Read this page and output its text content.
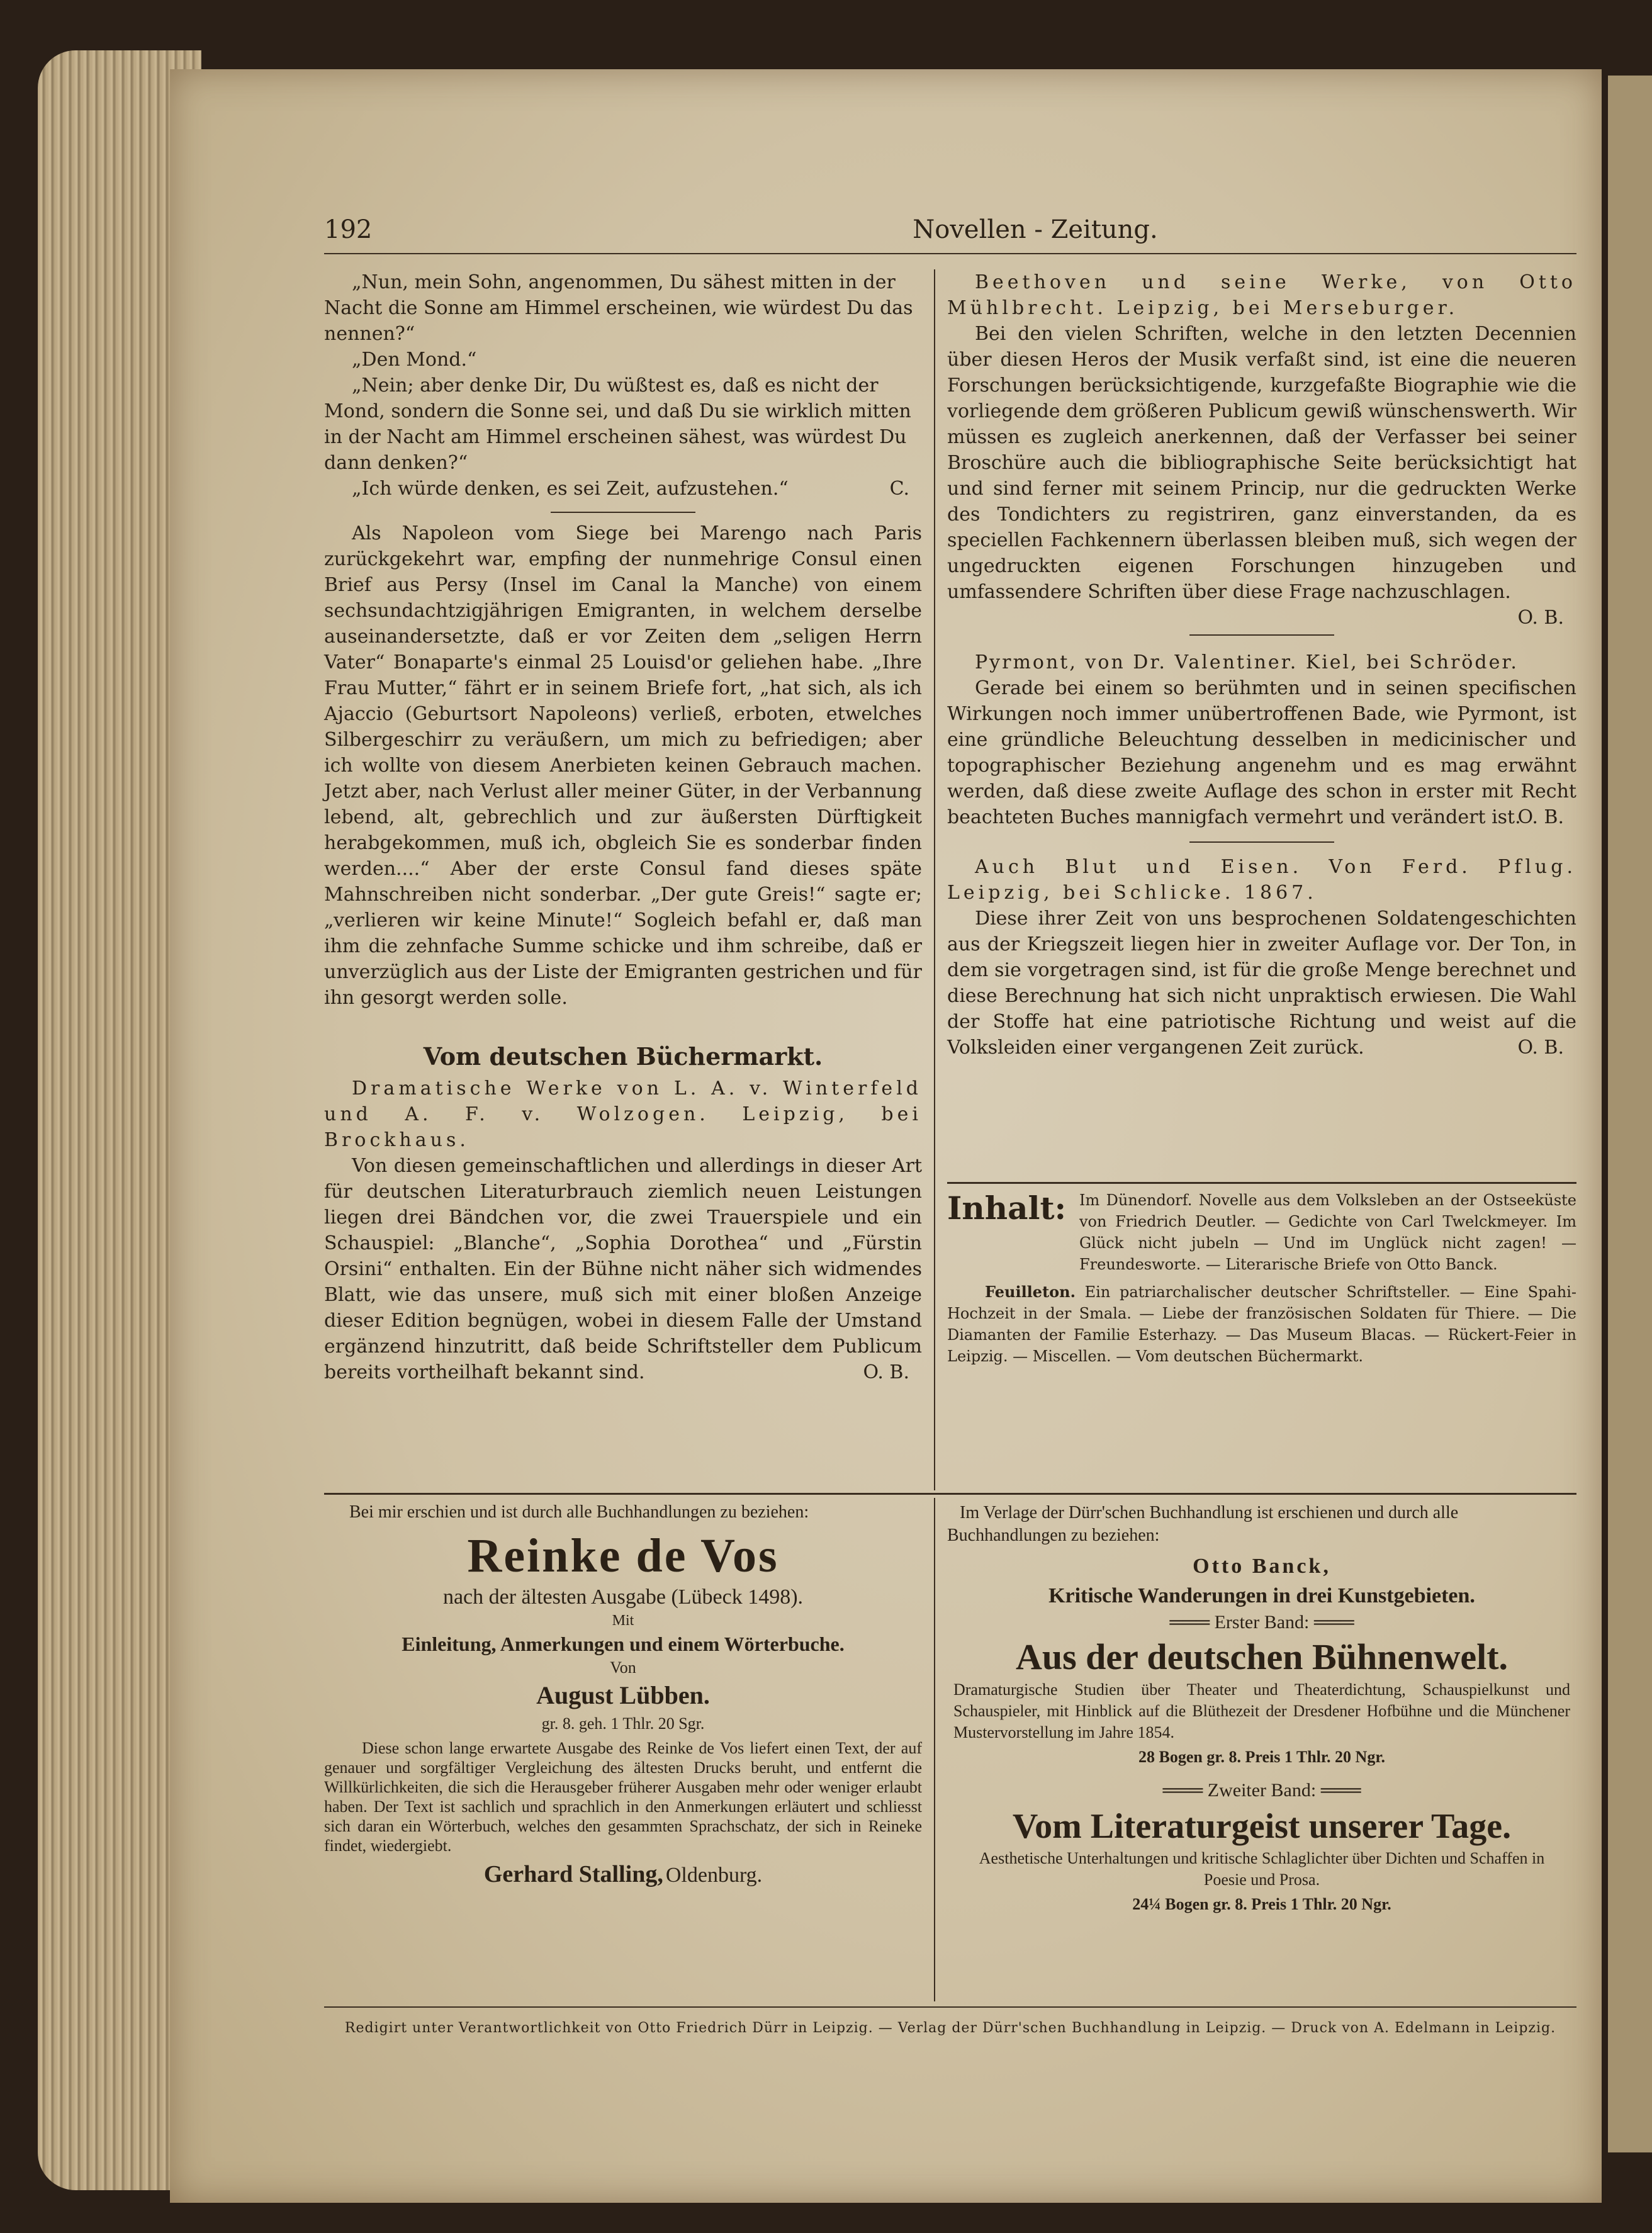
192	Novellen - Zeitung.

„Nun, mein Sohn, angenommen, Du sähest mitten in der Nacht die Sonne am Himmel erscheinen, wie würdest Du das nennen?“

„Den Mond.“

„Nein; aber denke Dir, Du wüßtest es, daß es nicht der Mond, sondern die Sonne sei, und daß Du sie wirklich mitten in der Nacht am Himmel erscheinen sähest, was würdest Du dann denken?“

„Ich würde denken, es sei Zeit, aufzustehen.“	C.

Als Napoleon vom Siege bei Marengo nach Paris zurückgekehrt war, empfing der nunmehrige Consul einen Brief aus Persy (Insel im Canal la Manche) von einem sechsundachtzigjährigen Emigranten, in welchem derselbe auseinandersetzte, daß er vor Zeiten dem „seligen Herrn Vater“ Bonaparte's einmal 25 Louisd'or geliehen habe. „Ihre Frau Mutter,“ fährt er in seinem Briefe fort, „hat sich, als ich Ajaccio (Geburtsort Napoleons) verließ, erboten, etwelches Silbergeschirr zu veräußern, um mich zu befriedigen; aber ich wollte von diesem Anerbieten keinen Gebrauch machen. Jetzt aber, nach Verlust aller meiner Güter, in der Verbannung lebend, alt, gebrechlich und zur äußersten Dürftigkeit herabgekommen, muß ich, obgleich Sie es sonderbar finden werden....“ Aber der erste Consul fand dieses späte Mahnschreiben nicht sonderbar. „Der gute Greis!“ sagte er; „verlieren wir keine Minute!“ Sogleich befahl er, daß man ihm die zehnfache Summe schicke und ihm schreibe, daß er unverzüglich aus der Liste der Emigranten gestrichen und für ihn gesorgt werden solle.

Vom deutschen Büchermarkt.

Dramatische Werke von L. A. v. Winterfeld und A. F. v. Wolzogen. Leipzig, bei Brockhaus.

Von diesen gemeinschaftlichen und allerdings in dieser Art für deutschen Literaturbrauch ziemlich neuen Leistungen liegen drei Bändchen vor, die zwei Trauerspiele und ein Schauspiel: „Blanche“, „Sophia Dorothea“ und „Fürstin Orsini“ enthalten. Ein der Bühne nicht näher sich widmendes Blatt, wie das unsere, muß sich mit einer bloßen Anzeige dieser Edition begnügen, wobei in diesem Falle der Umstand ergänzend hinzutritt, daß beide Schriftsteller dem Publicum bereits vortheilhaft bekannt sind.	O. B.

Beethoven und seine Werke, von Otto Mühlbrecht. Leipzig, bei Merseburger.

Bei den vielen Schriften, welche in den letzten Decennien über diesen Heros der Musik verfaßt sind, ist eine die neueren Forschungen berücksichtigende, kurzgefaßte Biographie wie die vorliegende dem größeren Publicum gewiß wünschenswerth. Wir müssen es zugleich anerkennen, daß der Verfasser bei seiner Broschüre auch die bibliographische Seite berücksichtigt hat und sind ferner mit seinem Princip, nur die gedruckten Werke des Tondichters zu registriren, ganz einverstanden, da es speciellen Fachkennern überlassen bleiben muß, sich wegen der ungedruckten eigenen Forschungen hinzugeben und umfassendere Schriften über diese Frage nachzuschlagen.

O. B.

Pyrmont, von Dr. Valentiner. Kiel, bei Schröder.

Gerade bei einem so berühmten und in seinen specifischen Wirkungen noch immer unübertroffenen Bade, wie Pyrmont, ist eine gründliche Beleuchtung desselben in medicinischer und topographischer Beziehung angenehm und es mag erwähnt werden, daß diese zweite Auflage des schon in erster mit Recht beachteten Buches mannigfach vermehrt und verändert ist.

O. B.

Auch Blut und Eisen. Von Ferd. Pflug. Leipzig, bei Schlicke. 1867.

Diese ihrer Zeit von uns besprochenen Soldatengeschichten aus der Kriegszeit liegen hier in zweiter Auflage vor. Der Ton, in dem sie vorgetragen sind, ist für die große Menge berechnet und diese Berechnung hat sich nicht unpraktisch erwiesen. Die Wahl der Stoffe hat eine patriotische Richtung und weist auf die Volksleiden einer vergangenen Zeit zurück.	O. B.

Inhalt: Im Dünendorf. Novelle aus dem Volksleben an der Ostseeküste von Friedrich Deutler. — Gedichte von Carl Twelckmeyer. Im Glück nicht jubeln — Und im Unglück nicht zagen! — Freundesworte. — Literarische Briefe von Otto Banck.
Feuilleton. Ein patriarchalischer deutscher Schriftsteller. — Eine Spahi-Hochzeit in der Smala. — Liebe der französischen Soldaten für Thiere. — Die Diamanten der Familie Esterhazy. — Das Museum Blacas. — Rückert-Feier in Leipzig. — Miscellen. — Vom deutschen Büchermarkt.
Bei mir erschien und ist durch alle Buchhandlungen zu beziehen:
Reinke de Vos
nach der ältesten Ausgabe (Lübeck 1498).
Mit
Einleitung, Anmerkungen und einem Wörterbuche.
Von
August Lübben.
gr. 8. geh. 1 Thlr. 20 Sgr.
Diese schon lange erwartete Ausgabe des Reinke de Vos liefert einen Text, der auf genauer und sorgfältiger Vergleichung des ältesten Drucks beruht, und entfernt die Willkürlichkeiten, die sich die Herausgeber früherer Ausgaben mehr oder weniger erlaubt haben. Der Text ist sachlich und sprachlich in den Anmerkungen erläutert und schliesst sich daran ein Wörterbuch, welches den gesammten Sprachschatz, der sich in Reineke findet, wiedergiebt.
Gerhard Stalling, Oldenburg.
Im Verlage der Dürr'schen Buchhandlung ist erschienen und durch alle Buchhandlungen zu beziehen:
Otto Banck,
Kritische Wanderungen in drei Kunstgebieten.
═══ Erster Band: ═══
Aus der deutschen Bühnenwelt.
Dramaturgische Studien über Theater und Theaterdichtung, Schauspielkunst und Schauspieler, mit Hinblick auf die Blüthezeit der Dresdener Hofbühne und die Münchener Mustervorstellung im Jahre 1854.
28 Bogen gr. 8. Preis 1 Thlr. 20 Ngr.
═══ Zweiter Band: ═══
Vom Literaturgeist unserer Tage.
Aesthetische Unterhaltungen und kritische Schlaglichter über Dichten und Schaffen in Poesie und Prosa.
24¼ Bogen gr. 8. Preis 1 Thlr. 20 Ngr.
Redigirt unter Verantwortlichkeit von Otto Friedrich Dürr in Leipzig. — Verlag der Dürr'schen Buchhandlung in Leipzig. — Druck von A. Edelmann in Leipzig.
